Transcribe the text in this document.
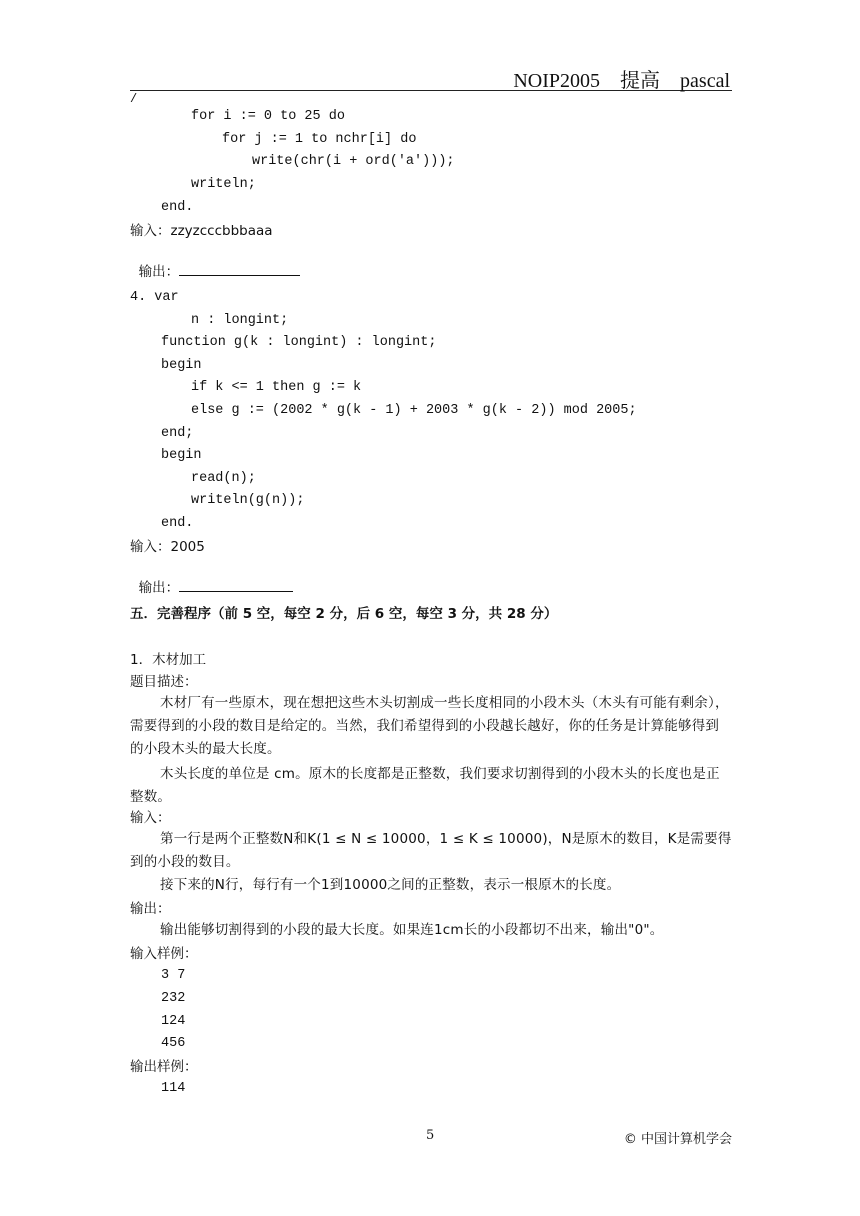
NOIP2005    提高    pascal
/
for i := 0 to 25 do
for j := 1 to nchr[i] do
write(chr(i + ord('a')));
writeln;
end.
输入：zzyzcccbbbaaa

输出：

4. var
n : longint;
function g(k : longint) : longint;
begin
if k <= 1 then g := k
else g := (2002 * g(k - 1) + 2003 * g(k - 2)) mod 2005;
end;
begin
read(n);
writeln(g(n));
end.
输入：2005

输出：

五．完善程序（前 5 空，每空 2 分，后 6 空，每空 3 分，共 28 分）
1．木材加工
题目描述：
木材厂有一些原木，现在想把这些木头切割成一些长度相同的小段木头（木头有可能有剩余），需要得到的小段的数目是给定的。当然，我们希望得到的小段越长越好，你的任务是计算能够得到的小段木头的最大长度。
木头长度的单位是 cm。原木的长度都是正整数，我们要求切割得到的小段木头的长度也是正整数。
输入：
第一行是两个正整数N和K(1 ≤ N ≤ 10000，1 ≤ K ≤ 10000)，N是原木的数目，K是需要得到的小段的数目。
接下来的N行，每行有一个1到10000之间的正整数，表示一根原木的长度。
输出：
输出能够切割得到的小段的最大长度。如果连1cm长的小段都切不出来，输出"0"。
输入样例：
3 7
232
124
456
输出样例：
114
5	© 中国计算机学会
